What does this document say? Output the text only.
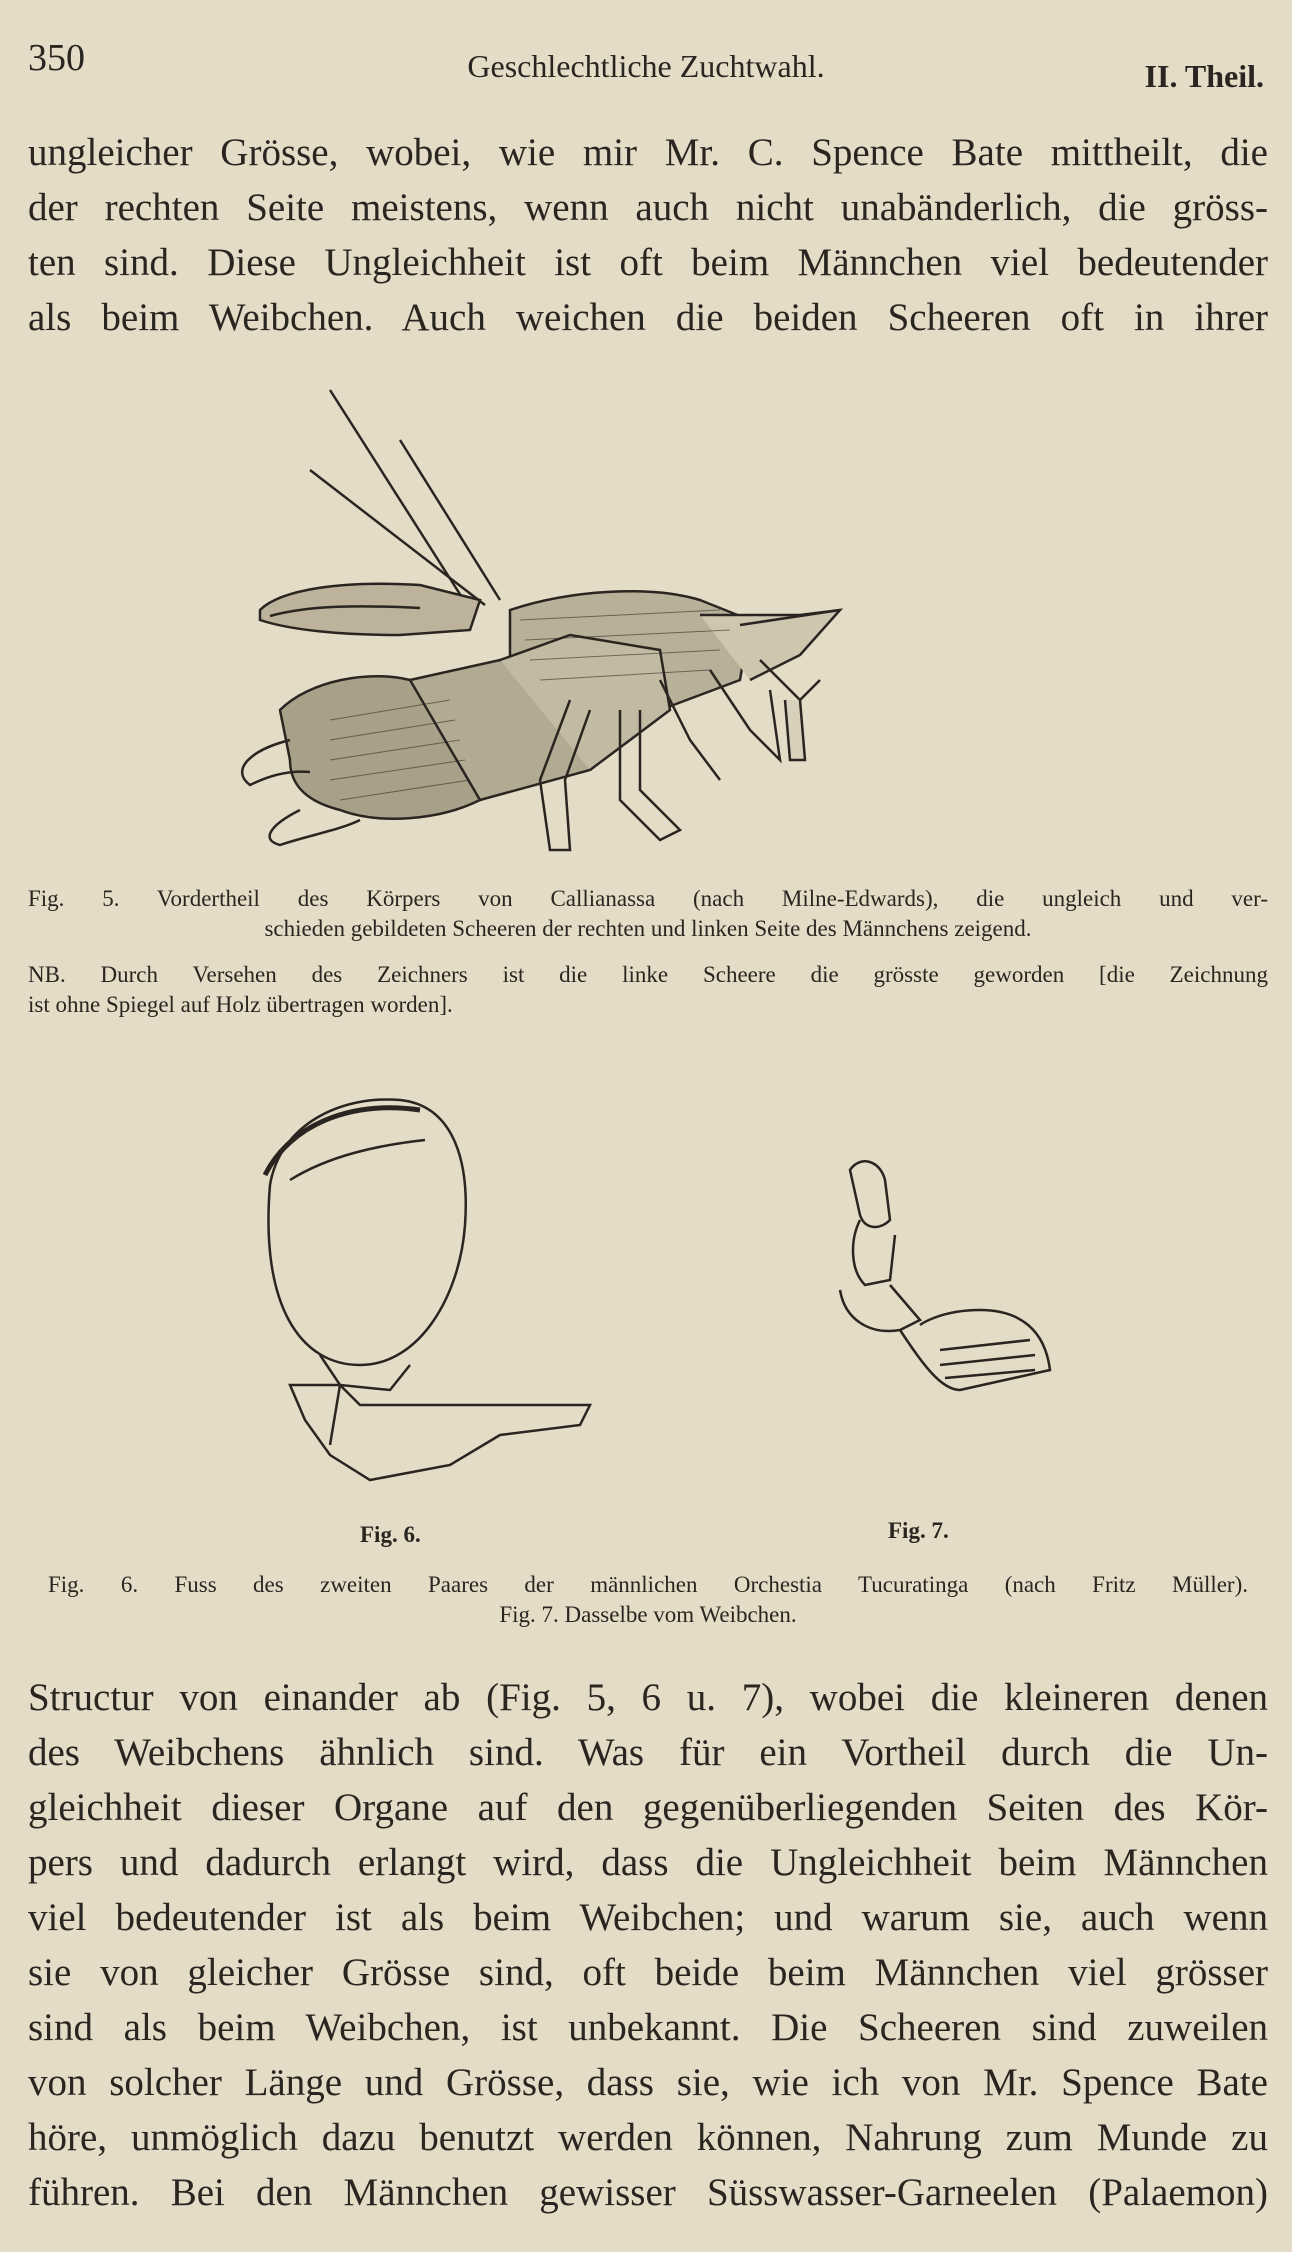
350	Geschlechtliche Zuchtwahl.	II. Theil.
ungleicher Grösse, wobei, wie mir Mr. C. Spence Bate mittheilt, die
der rechten Seite meistens, wenn auch nicht unabänderlich, die gröss-
ten sind. Diese Ungleichheit ist oft beim Männchen viel bedeutender
als beim Weibchen. Auch weichen die beiden Scheeren oft in ihrer
Fig. 5. Vordertheil des Körpers von Callianassa (nach Milne-Edwards), die ungleich und ver-
schieden gebildeten Scheeren der rechten und linken Seite des Männchens zeigend.
NB. Durch Versehen des Zeichners ist die linke Scheere die grösste geworden [die Zeichnung
ist ohne Spiegel auf Holz übertragen worden].
Fig. 6.	Fig. 7.
Fig. 6. Fuss des zweiten Paares der männlichen Orchestia Tucuratinga (nach Fritz Müller).
Fig. 7. Dasselbe vom Weibchen.
Structur von einander ab (Fig. 5, 6 u. 7), wobei die kleineren denen
des Weibchens ähnlich sind. Was für ein Vortheil durch die Un-
gleichheit dieser Organe auf den gegenüberliegenden Seiten des Kör-
pers und dadurch erlangt wird, dass die Ungleichheit beim Männchen
viel bedeutender ist als beim Weibchen; und warum sie, auch wenn
sie von gleicher Grösse sind, oft beide beim Männchen viel grösser
sind als beim Weibchen, ist unbekannt. Die Scheeren sind zuweilen
von solcher Länge und Grösse, dass sie, wie ich von Mr. Spence Bate
höre, unmöglich dazu benutzt werden können, Nahrung zum Munde zu
führen. Bei den Männchen gewisser Süsswasser-Garneelen (Palaemon)
